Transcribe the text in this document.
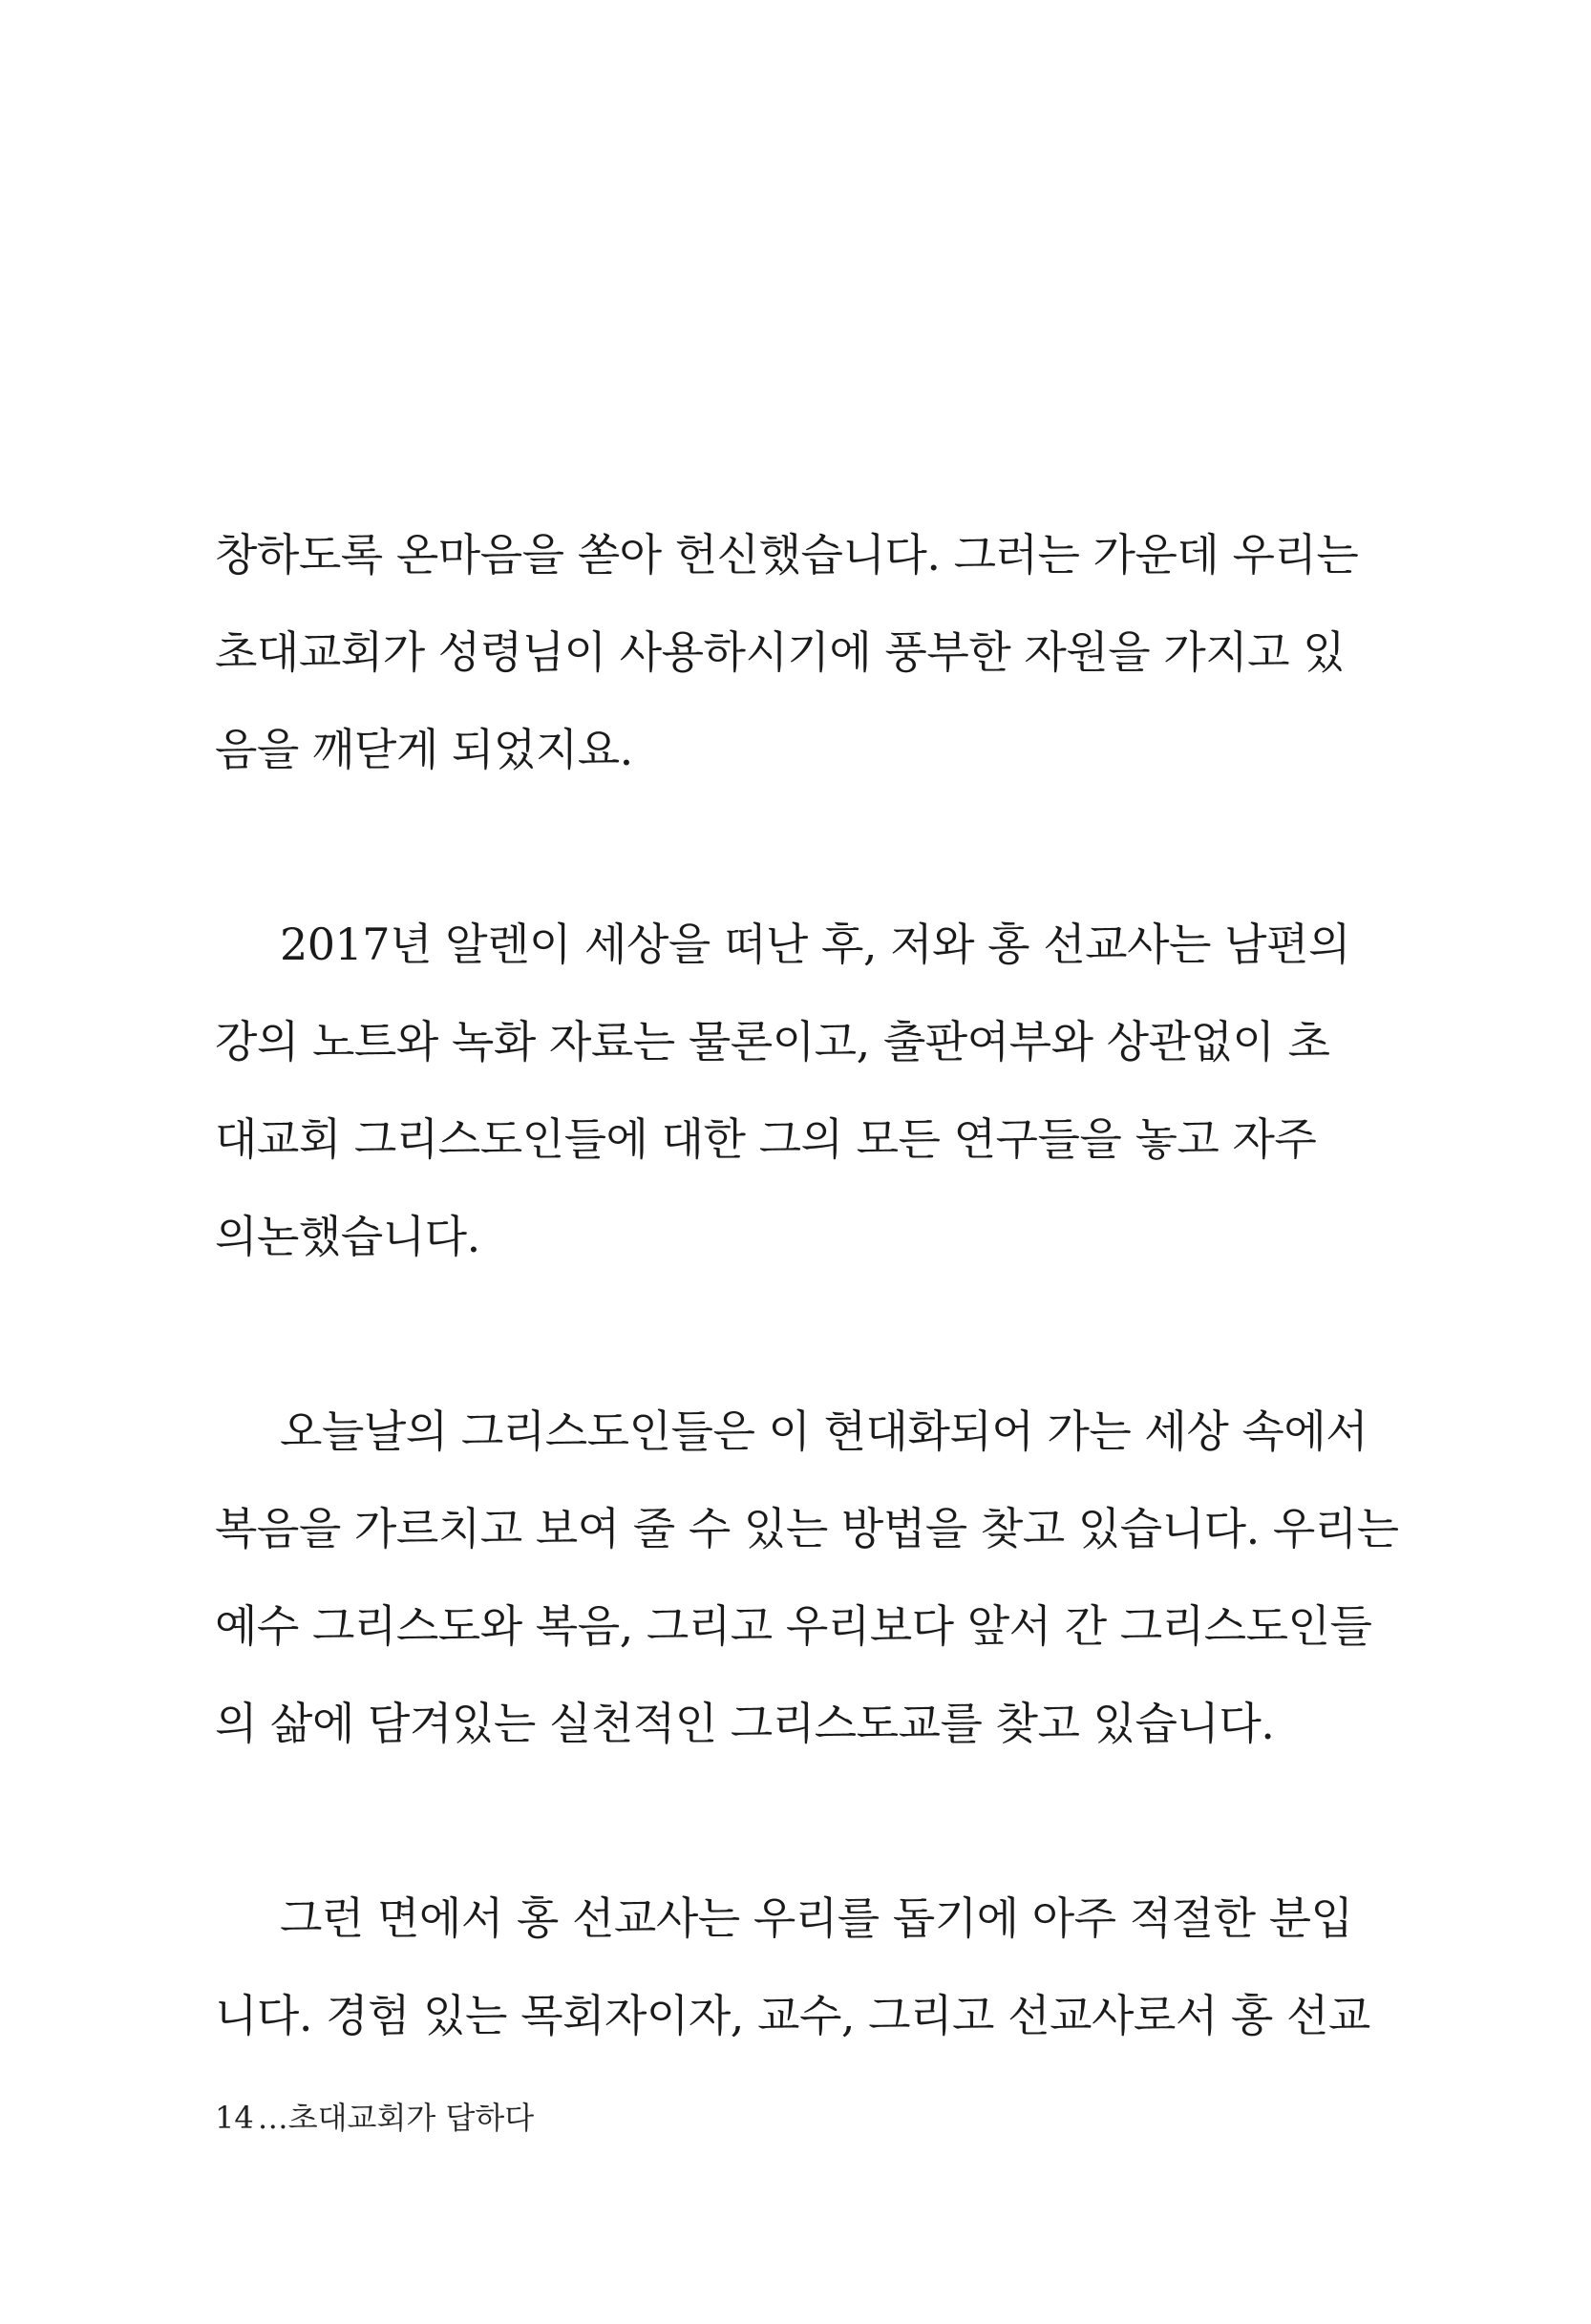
창하도록 온마음을 쏟아 헌신했습니다. 그러는 가운데 우리는
초대교회가 성령님이 사용하시기에 풍부한 자원을 가지고 있
음을 깨닫게 되었지요.
2017년 알렌이 세상을 떠난 후, 저와 홍 선교사는 남편의
강의 노트와 녹화 자료는 물론이고, 출판여부와 상관없이 초
대교회 그리스도인들에 대한 그의 모든 연구들을 놓고 자주
의논했습니다.
오늘날의 그리스도인들은 이 현대화되어 가는 세상 속에서
복음을 가르치고 보여 줄 수 있는 방법을 찾고 있습니다. 우리는
예수 그리스도와 복음, 그리고 우리보다 앞서 간 그리스도인들
의 삶에 담겨있는 실천적인 그리스도교를 찾고 있습니다.
그런 면에서 홍 선교사는 우리를 돕기에 아주 적절한 분입
니다. 경험 있는 목회자이자, 교수, 그리고 선교사로서 홍 선교
14 …초대교회가 답하다
